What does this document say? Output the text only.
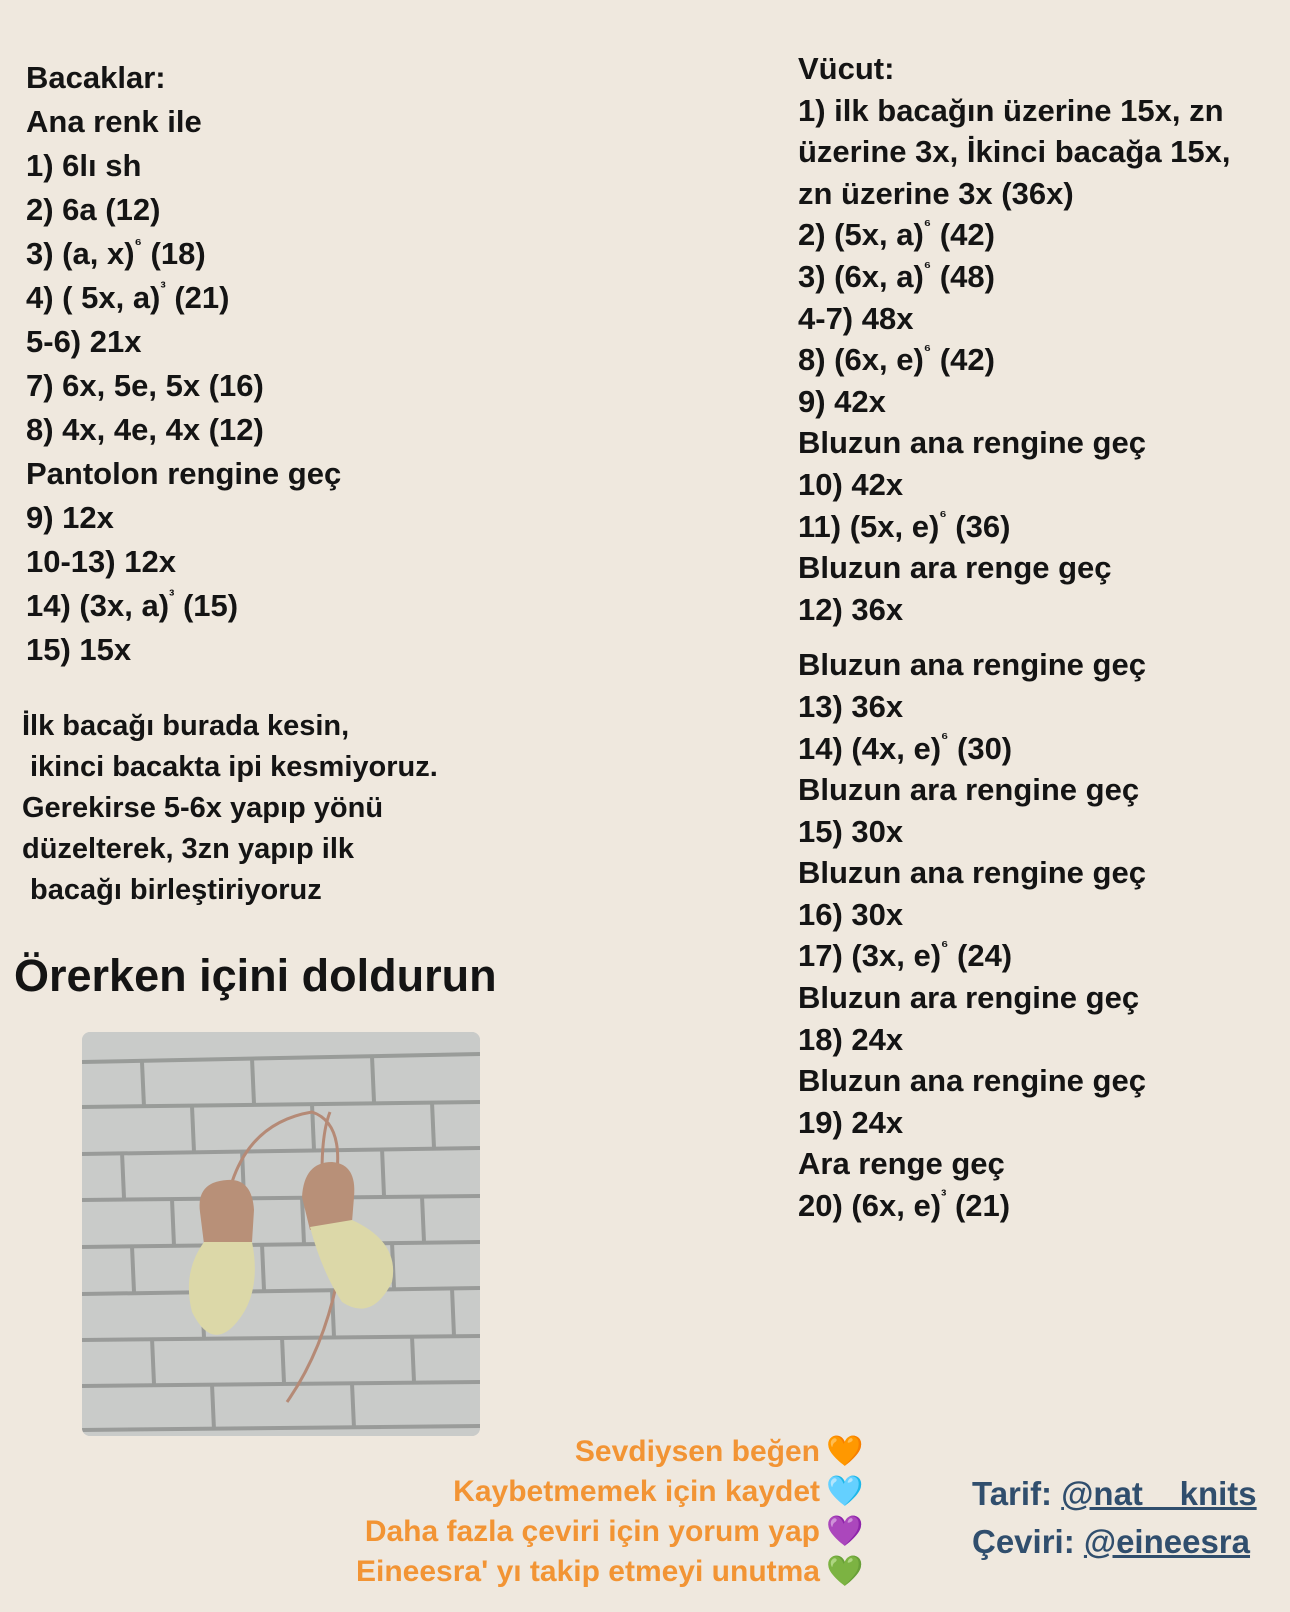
Bacaklar:
Ana renk ile
1) 6lı sh
2) 6a (12)
3) (a, x)$^{^6}$ (18)
4) ( 5x, a)$^{^3}$ (21)
5-6) 21x
7) 6x, 5e, 5x (16)
8) 4x, 4e, 4x (12)
Pantolon rengine geç
9) 12x
10-13) 12x
14) (3x, a)$^{^3}$ (15)
15) 15x
İlk bacağı burada kesin,
ikinci bacakta ipi kesmiyoruz.
Gerekirse 5-6x yapıp yönü
düzelterek, 3zn yapıp ilk
bacağı birleştiriyoruz
Örerken içini doldurun
Vücut:
1) ilk bacağın üzerine 15x, zn
üzerine 3x, İkinci bacağa 15x,
zn üzerine 3x (36x)
2) (5x, a)$^{^6}$ (42)
3) (6x, a)$^{^6}$ (48)
4-7) 48x
8) (6x, e)$^{^6}$ (42)
9) 42x
Bluzun ana rengine geç
10) 42x
11) (5x, e)$^{^6}$ (36)
Bluzun ara renge geç
12) 36x
Bluzun ana rengine geç
13) 36x
14) (4x, e)$^{^6}$ (30)
Bluzun ara rengine geç
15) 30x
Bluzun ana rengine geç
16) 30x
17) (3x, e)$^{^6}$ (24)
Bluzun ara rengine geç
18) 24x
Bluzun ana rengine geç
19) 24x
Ara renge geç
20) (6x, e)$^{^3}$ (21)
Sevdiysen beğen 🧡
Kaybetmemek için kaydet 🩵
Daha fazla çeviri için yorum yap 💜
Eineesra' yı takip etmeyi unutma 💚
Tarif: @nat__knits
Çeviri: @eineesra
